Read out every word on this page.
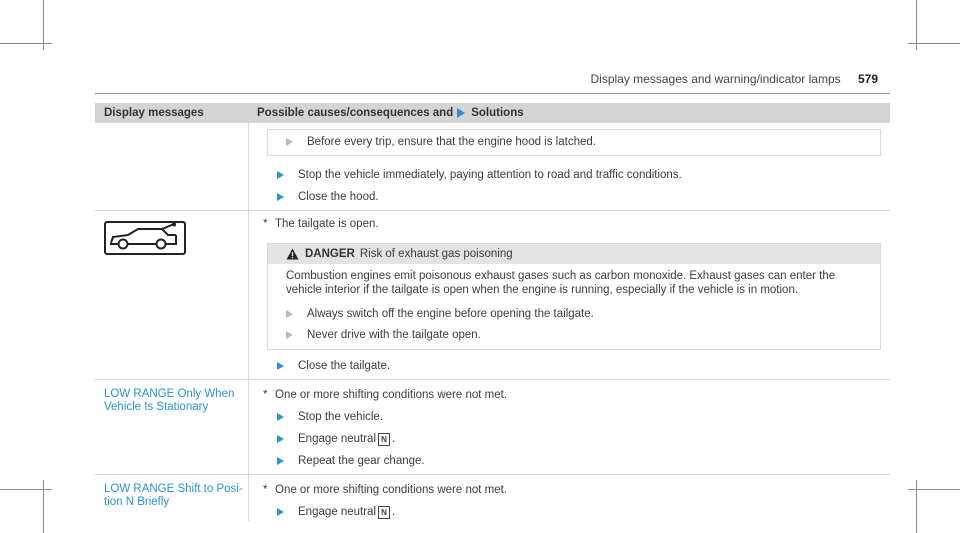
Display messages and warning/indicator lamps 579
Display messages	Possible causes/consequences and Solutions
Before every trip, ensure that the engine hood is latched.
Stop the vehicle immediately, paying attention to road and traffic conditions.
Close the hood.
* The tailgate is open.
DANGER Risk of exhaust gas poisoning
Combustion engines emit poisonous exhaust gases such as carbon monoxide. Exhaust gases can enter the
vehicle interior if the tailgate is open when the engine is running, especially if the vehicle is in motion.
Always switch off the engine before opening the tailgate.
Never drive with the tailgate open.
Close the tailgate.
LOW RANGE Only When
Vehicle Is Stationary
* One or more shifting conditions were not met.
Stop the vehicle.
Engage neutral N .
Repeat the gear change.
LOW RANGE Shift to Posi-
tion N Briefly
* One or more shifting conditions were not met.
Engage neutral N .
